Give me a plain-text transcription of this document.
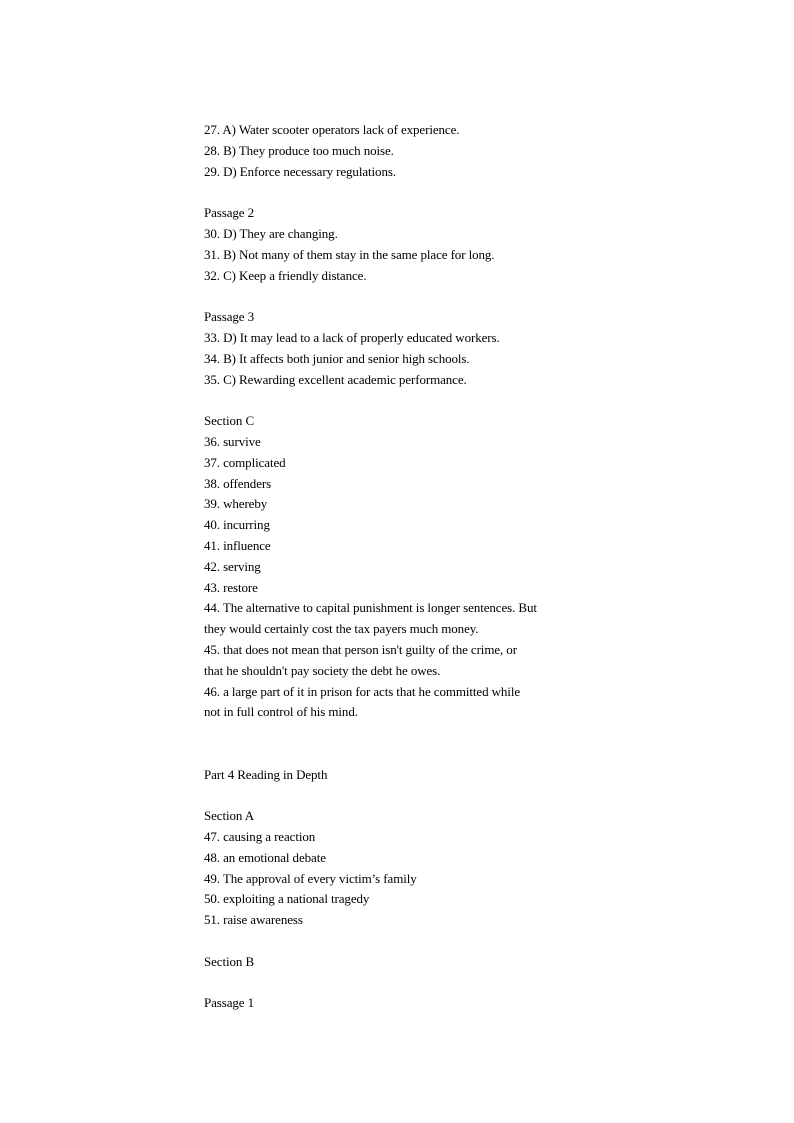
27. A) Water scooter operators lack of experience.
28. B) They produce too much noise.
29. D) Enforce necessary regulations.
Passage 2
30. D) They are changing.
31. B) Not many of them stay in the same place for long.
32. C) Keep a friendly distance.
Passage 3
33. D) It may lead to a lack of properly educated workers.
34. B) It affects both junior and senior high schools.
35. C) Rewarding excellent academic performance.
Section C
36. survive
37. complicated
38. offenders
39. whereby
40. incurring
41. influence
42. serving
43. restore
44. The alternative to capital punishment is longer sentences. But
they would certainly cost the tax payers much money.
45. that does not mean that person isn't guilty of the crime, or
that he shouldn't pay society the debt he owes.
46. a large part of it in prison for acts that he committed while
not in full control of his mind.
Part 4 Reading in Depth
Section A
47. causing a reaction
48. an emotional debate
49. The approval of every victim’s family
50. exploiting a national tragedy
51. raise awareness
Section B
Passage 1
